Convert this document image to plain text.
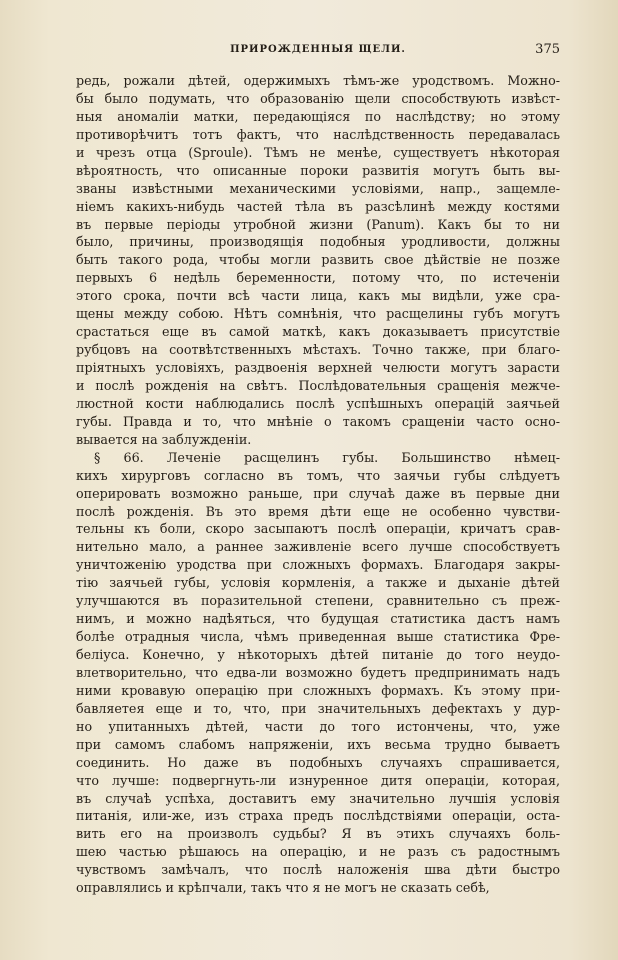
ПРИРОЖДЕННЫЯ ЩЕЛИ.	375
редь, рожали дѣтей, одержимыхъ тѣмъ-же уродствомъ. Можно-
бы было подумать, что образованію щели способствують извѣст-
ныя аномаліи матки, передающіяся по наслѣдству; но этому
противорѣчитъ тотъ фактъ, что наслѣдственность передавалась
и чрезъ отца (Sproule). Тѣмъ не менѣе, существуетъ нѣкоторая
вѣроятность, что описанные пороки развитія могутъ быть вы-
званы извѣстными механическими условіями, напр., защемле-
ніемъ какихъ-нибудь частей тѣла въ разсѣлинѣ между костями
въ первые періоды утробной жизни (Panum). Какъ бы то ни
было, причины, производящія подобныя уродливости, должны
быть такого рода, чтобы могли развить свое дѣйствіе не позже
первыхъ 6 недѣль беременности, потому что, по истеченіи
этого срока, почти всѣ части лица, какъ мы видѣли, уже сра-
щены между собою. Нѣтъ сомнѣнія, что расщелины губъ могутъ
срастаться еще въ самой маткѣ, какъ доказываетъ присутствіе
рубцовъ на соотвѣтственныхъ мѣстахъ. Точно также, при благо-
пріятныхъ условіяхъ, раздвоенія верхней челюсти могутъ зарасти
и послѣ рожденія на свѣтъ. Послѣдовательныя сращенія межче-
люстной кости наблюдались послѣ успѣшныхъ операцій заячьей
губы. Правда и то, что мнѣніе о такомъ сращеніи часто осно-
вывается на заблужденіи.
§ 66. Леченіе расщелинъ губы. Большинство нѣмец-
кихъ хирурговъ согласно въ томъ, что заячьи губы слѣдуетъ
оперировать возможно раньше, при случаѣ даже въ первые дни
послѣ рожденія. Въ это время дѣти еще не особенно чувстви-
тельны къ боли, скоро засыпаютъ послѣ операціи, кричатъ срав-
нительно мало, а раннее заживленіе всего лучше способствуетъ
уничтоженію уродства при сложныхъ формахъ. Благодаря закры-
тію заячьей губы, условія кормленія, а также и дыханіе дѣтей
улучшаются въ поразительной степени, сравнительно съ преж-
нимъ, и можно надѣяться, что будущая статистика дастъ намъ
болѣе отрадныя числа, чѣмъ приведенная выше статистика Фре-
беліуса. Конечно, у нѣкоторыхъ дѣтей питаніе до того неудо-
влетворительно, что едва-ли возможно будетъ предпринимать надъ
ними кровавую операцію при сложныхъ формахъ. Къ этому при-
бавляетея еще и то, что, при значительныхъ дефектахъ у дур-
но упитанныхъ дѣтей, части до того истончены, что, уже
при самомъ слабомъ напряженіи, ихъ весьма трудно бываетъ
соединить. Но даже въ подобныхъ случаяхъ спрашивается,
что лучше: подвергнуть-ли изнуренное дитя операціи, которая,
въ случаѣ успѣха, доставитъ ему значительно лучшія условія
питанія, или-же, изъ страха предъ послѣдствіями операціи, оста-
вить его на произволъ судьбы? Я въ этихъ случаяхъ боль-
шею частью рѣшаюсь на операцію, и не разъ съ радостнымъ
чувствомъ замѣчалъ, что послѣ наложенія шва дѣти быстро
оправлялись и крѣпчали, такъ что я не могъ не сказать себѣ,
